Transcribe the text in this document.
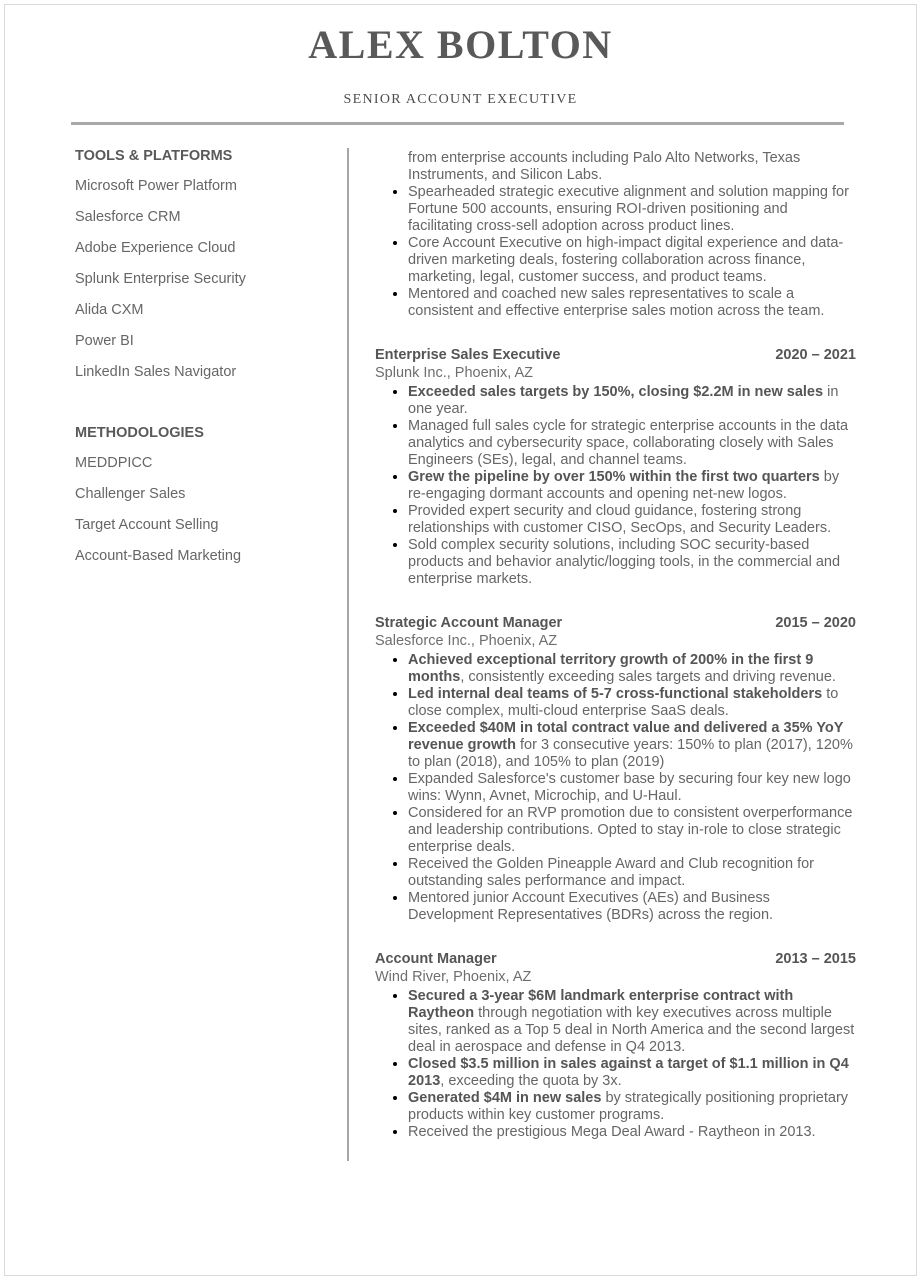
ALEX BOLTON
SENIOR ACCOUNT EXECUTIVE
TOOLS & PLATFORMS
Microsoft Power Platform
Salesforce CRM
Adobe Experience Cloud
Splunk Enterprise Security
Alida CXM
Power BI
LinkedIn Sales Navigator
METHODOLOGIES
MEDDPICC
Challenger Sales
Target Account Selling
Account-Based Marketing
from enterprise accounts including Palo Alto Networks, Texas Instruments, and Silicon Labs.
• Spearheaded strategic executive alignment and solution mapping for Fortune 500 accounts, ensuring ROI-driven positioning and facilitating cross-sell adoption across product lines.
• Core Account Executive on high-impact digital experience and data-driven marketing deals, fostering collaboration across finance, marketing, legal, customer success, and product teams.
• Mentored and coached new sales representatives to scale a consistent and effective enterprise sales motion across the team.
Enterprise Sales Executive	2020 – 2021
Splunk Inc., Phoenix, AZ
• Exceeded sales targets by 150%, closing $2.2M in new sales in one year.
• Managed full sales cycle for strategic enterprise accounts in the data analytics and cybersecurity space, collaborating closely with Sales Engineers (SEs), legal, and channel teams.
• Grew the pipeline by over 150% within the first two quarters by re-engaging dormant accounts and opening net-new logos.
• Provided expert security and cloud guidance, fostering strong relationships with customer CISO, SecOps, and Security Leaders.
• Sold complex security solutions, including SOC security-based products and behavior analytic/logging tools, in the commercial and enterprise markets.
Strategic Account Manager	2015 – 2020
Salesforce Inc., Phoenix, AZ
• Achieved exceptional territory growth of 200% in the first 9 months, consistently exceeding sales targets and driving revenue.
• Led internal deal teams of 5-7 cross-functional stakeholders to close complex, multi-cloud enterprise SaaS deals.
• Exceeded $40M in total contract value and delivered a 35% YoY revenue growth for 3 consecutive years: 150% to plan (2017), 120% to plan (2018), and 105% to plan (2019)
• Expanded Salesforce's customer base by securing four key new logo wins: Wynn, Avnet, Microchip, and U-Haul.
• Considered for an RVP promotion due to consistent overperformance and leadership contributions. Opted to stay in-role to close strategic enterprise deals.
• Received the Golden Pineapple Award and Club recognition for outstanding sales performance and impact.
• Mentored junior Account Executives (AEs) and Business Development Representatives (BDRs) across the region.
Account Manager	2013 – 2015
Wind River, Phoenix, AZ
• Secured a 3-year $6M landmark enterprise contract with Raytheon through negotiation with key executives across multiple sites, ranked as a Top 5 deal in North America and the second largest deal in aerospace and defense in Q4 2013.
• Closed $3.5 million in sales against a target of $1.1 million in Q4 2013, exceeding the quota by 3x.
• Generated $4M in new sales by strategically positioning proprietary products within key customer programs.
• Received the prestigious Mega Deal Award - Raytheon in 2013.
